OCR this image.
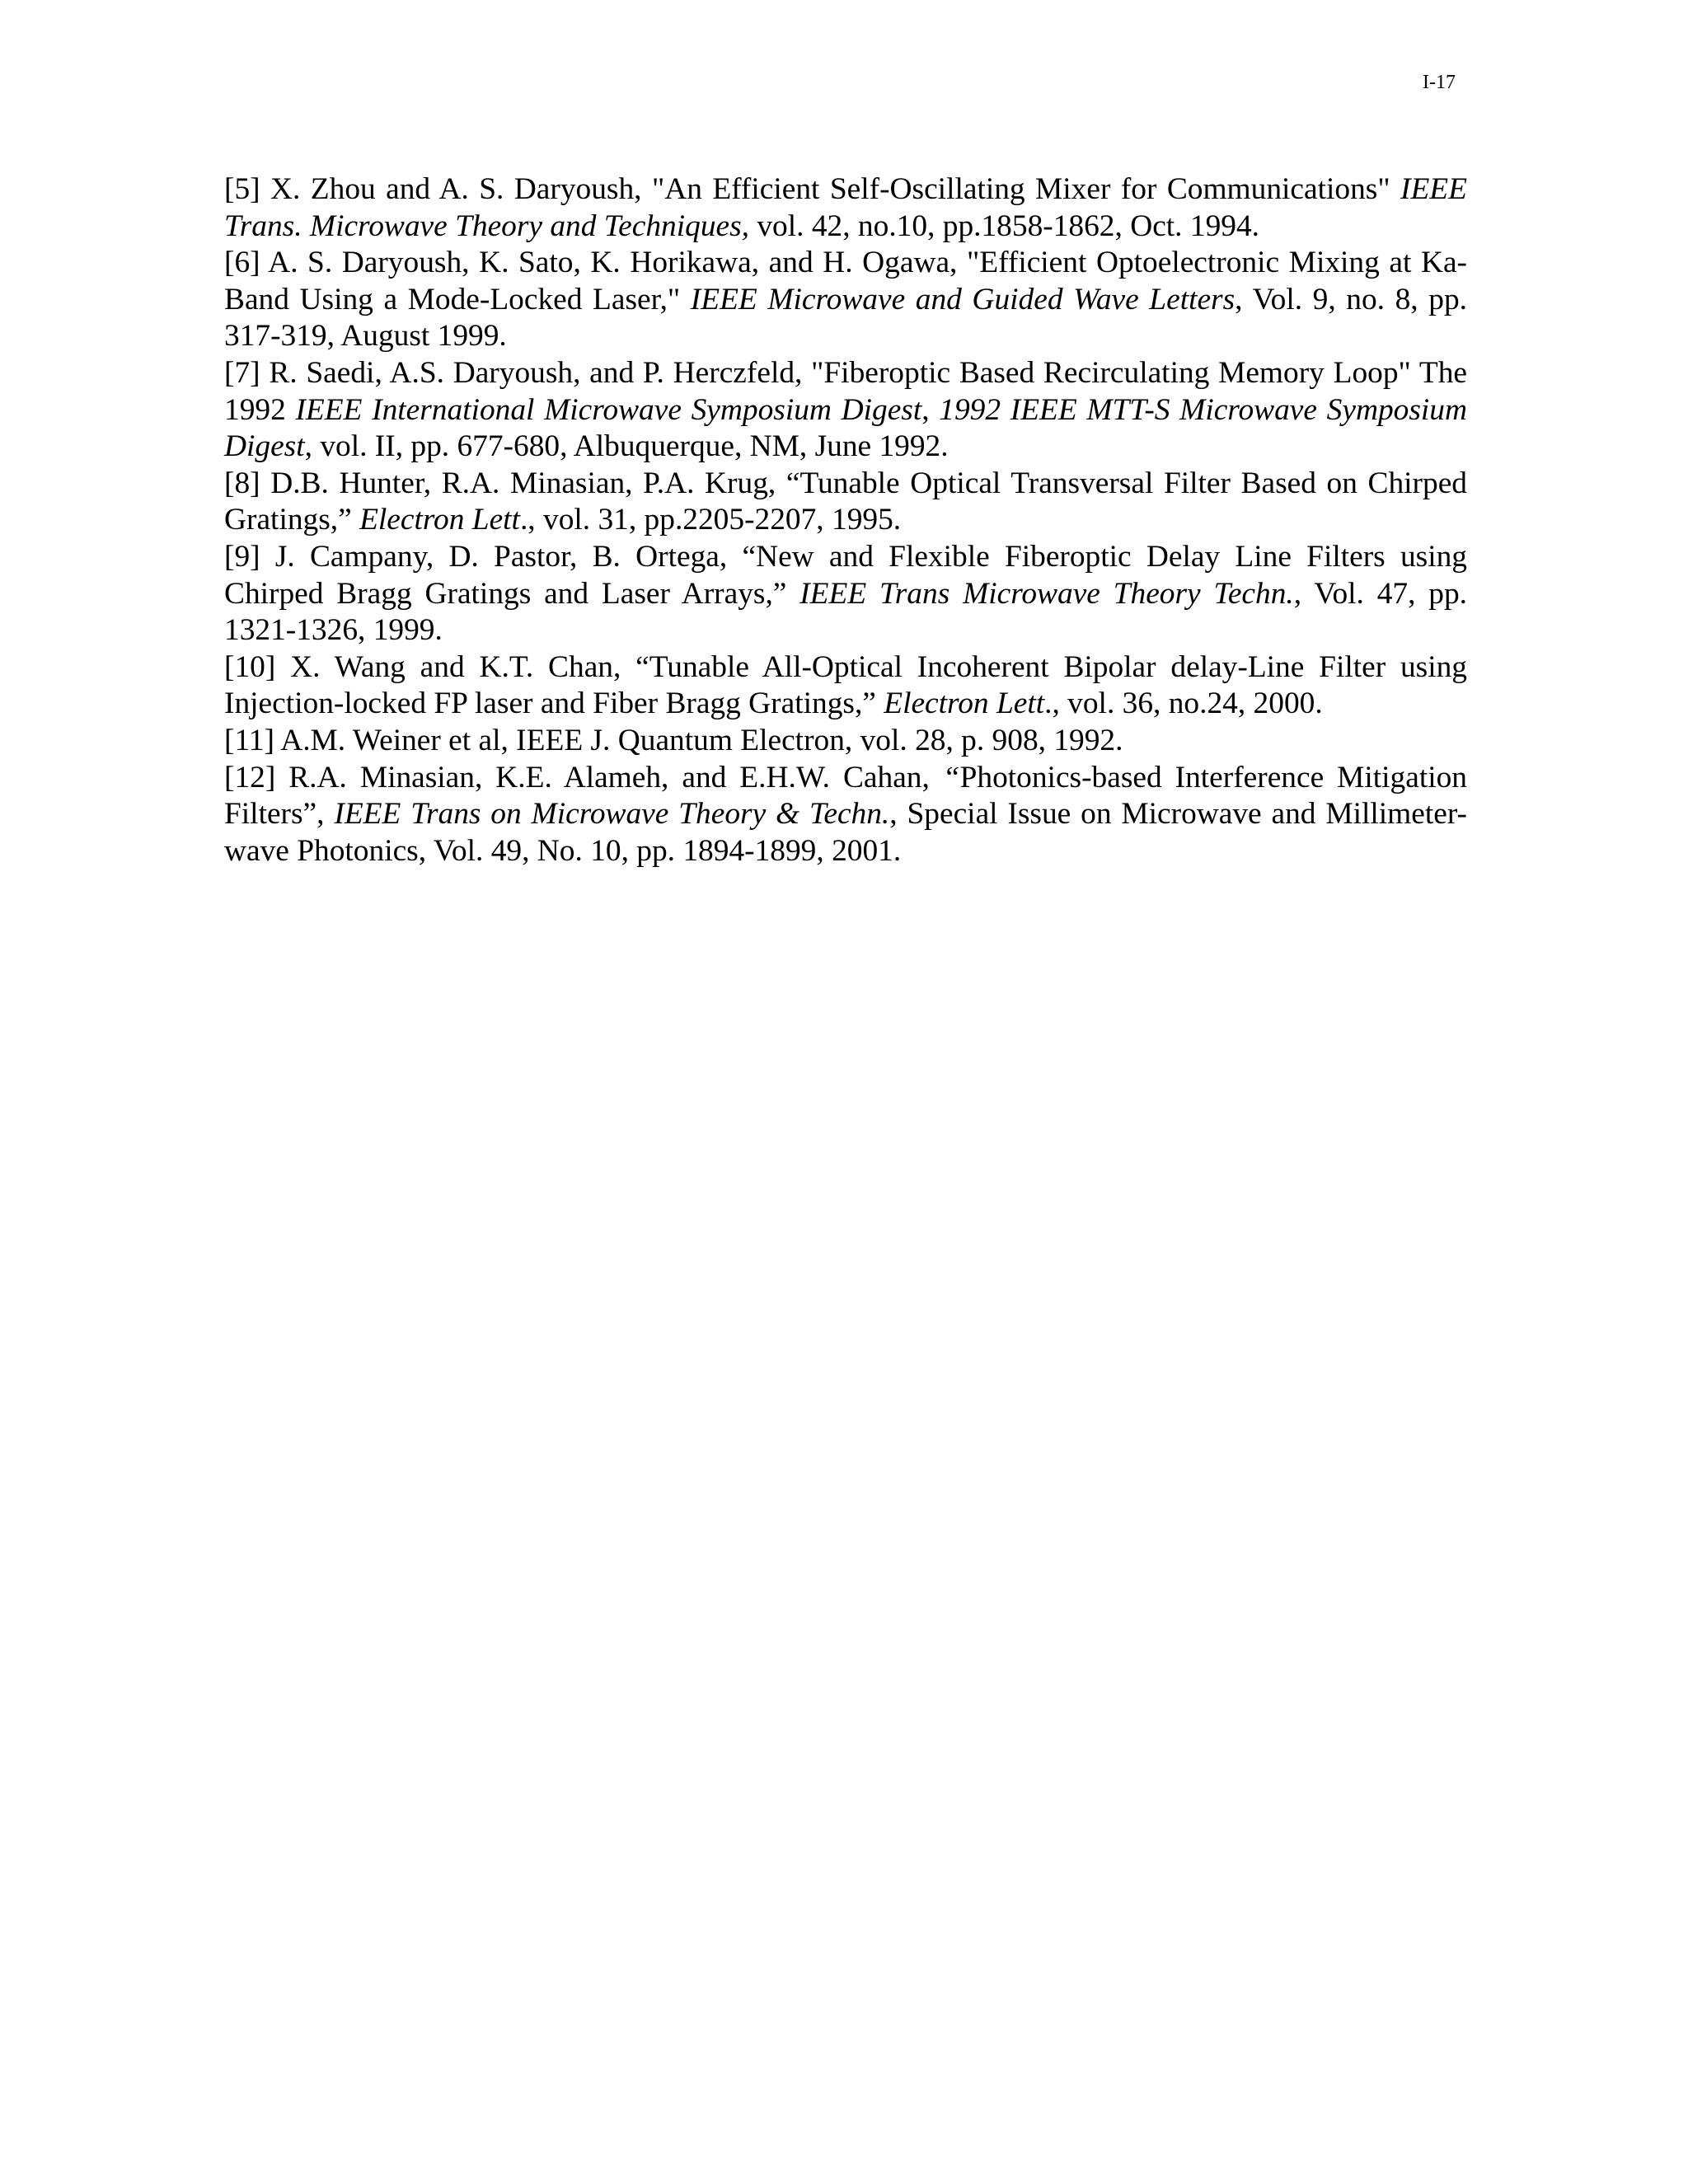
I-17

[5] X. Zhou and A. S. Daryoush, "An Efficient Self-Oscillating Mixer for Communications" IEEE Trans. Microwave Theory and Techniques, vol. 42, no.10, pp.1858-1862, Oct. 1994.

[6] A. S. Daryoush, K. Sato, K. Horikawa, and H. Ogawa, "Efficient Optoelectronic Mixing at Ka-Band Using a Mode-Locked Laser," IEEE Microwave and Guided Wave Letters, Vol. 9, no. 8, pp. 317-319, August 1999.

[7] R. Saedi, A.S. Daryoush, and P. Herczfeld, "Fiberoptic Based Recirculating Memory Loop" The 1992 IEEE International Microwave Symposium Digest, 1992 IEEE MTT-S Microwave Symposium Digest, vol. II, pp. 677-680, Albuquerque, NM, June 1992.

[8] D.B. Hunter, R.A. Minasian, P.A. Krug, “Tunable Optical Transversal Filter Based on Chirped Gratings,” Electron Lett., vol. 31, pp.2205-2207, 1995.

[9] J. Campany, D. Pastor, B. Ortega, “New and Flexible Fiberoptic Delay Line Filters using Chirped Bragg Gratings and Laser Arrays,” IEEE Trans Microwave Theory Techn., Vol. 47, pp. 1321-1326, 1999.

[10] X. Wang and K.T. Chan, “Tunable All-Optical Incoherent Bipolar delay-Line Filter using Injection-locked FP laser and Fiber Bragg Gratings,” Electron Lett., vol. 36, no.24, 2000.

[11] A.M. Weiner et al, IEEE J. Quantum Electron, vol. 28, p. 908, 1992.

[12] R.A. Minasian, K.E. Alameh, and E.H.W. Cahan, “Photonics-based Interference Mitigation Filters”, IEEE Trans on Microwave Theory & Techn., Special Issue on Microwave and Millimeter-wave Photonics, Vol. 49, No. 10, pp. 1894-1899, 2001.
